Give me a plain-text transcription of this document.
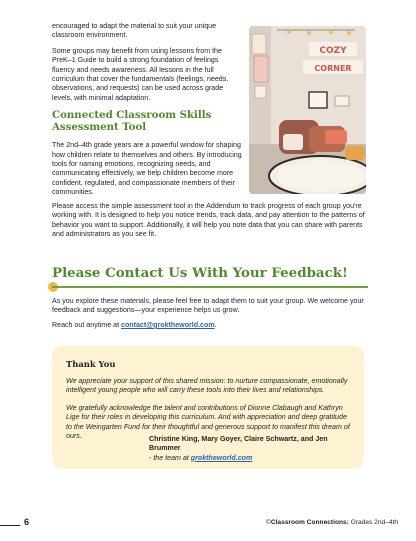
encouraged to adapt the material to suit your unique classroom environment.

Some groups may benefit from using lessons from the PreK–1 Guide to build a strong foundation of feelings fluency and needs awareness. All lessons in the full curriculum that cover the fundamentals (feelings, needs, observations, and requests) can be used across grade levels, with minimal adaptation.

Connected Classroom Skills Assessment Tool

The 2nd–4th grade years are a powerful window for shaping how children relate to themselves and others. By introducing tools for naming emotions, recognizing needs, and communicating effectively, we help children become more confident, regulated, and compassionate members of their communities.

COZY
CORNER

Please access the simple assessment tool in the Addendum to track progress of each group you're working with. It is designed to help you notice trends, track data, and pay attention to the patterns of behavior you want to support. Additionally, it will help you note data that you can share with parents and administrators as you see fit.

Please Contact Us With Your Feedback!

As you explore these materials, please feel free to adapt them to suit your group. We welcome your feedback and suggestions—your experience helps us grow.

Reach out anytime at contact@groktheworld.com.

Thank You

We appreciate your support of this shared mission: to nurture compassionate, emotionally intelligent young people who will carry these tools into their lives and relationships.

We gratefully acknowledge the talent and contributions of Dionne Clabaugh and Kathryn Lige for their roles in developing this curriculum. And with appreciation and deep gratitude to the Weingarten Fund for their thoughtful and generous support to manifest this dream of ours.	Christine King, Mary Goyer, Claire Schwartz, and Jen Brummer
- the team at groktheworld.com
6	©Classroom Connections: Grades 2nd–4th
